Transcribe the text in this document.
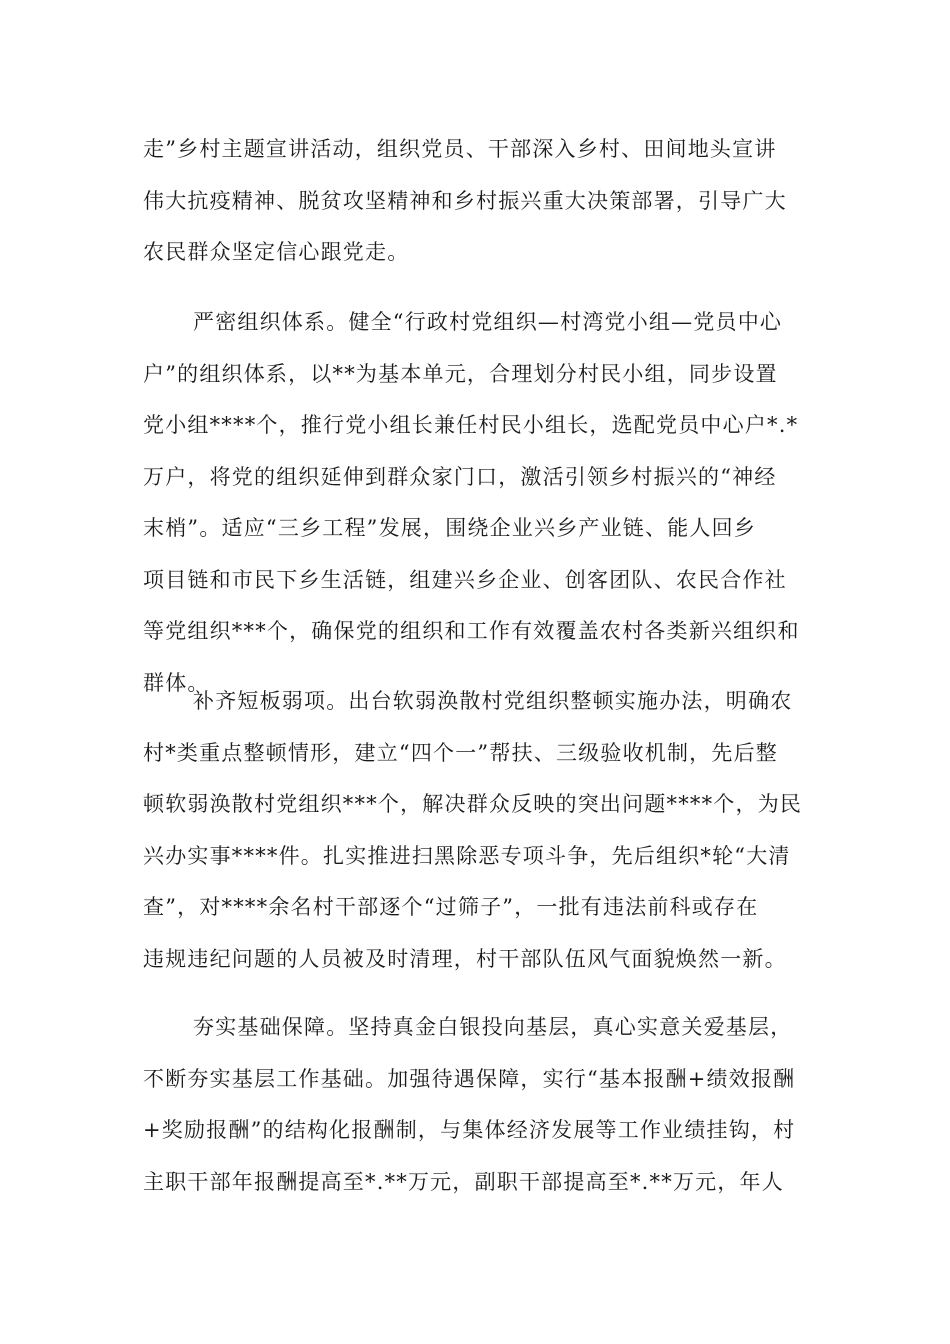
走”乡村主题宣讲活动，组织党员、干部深入乡村、田间地头宣讲
伟大抗疫精神、脱贫攻坚精神和乡村振兴重大决策部署，引导广大
农民群众坚定信心跟党走。
严密组织体系。健全“行政村党组织—村湾党小组—党员中心
户”的组织体系，以**为基本单元，合理划分村民小组，同步设置
党小组****个，推行党小组长兼任村民小组长，选配党员中心户*.*
万户，将党的组织延伸到群众家门口，激活引领乡村振兴的“神经
末梢”。适应“三乡工程”发展，围绕企业兴乡产业链、能人回乡
项目链和市民下乡生活链，组建兴乡企业、创客团队、农民合作社
等党组织***个，确保党的组织和工作有效覆盖农村各类新兴组织和
群体。
补齐短板弱项。出台软弱涣散村党组织整顿实施办法，明确农
村*类重点整顿情形，建立“四个一”帮扶、三级验收机制，先后整
顿软弱涣散村党组织***个，解决群众反映的突出问题****个，为民
兴办实事****件。扎实推进扫黑除恶专项斗争，先后组织*轮“大清
查”，对****余名村干部逐个“过筛子”，一批有违法前科或存在
违规违纪问题的人员被及时清理，村干部队伍风气面貌焕然一新。
夯实基础保障。坚持真金白银投向基层，真心实意关爱基层，
不断夯实基层工作基础。加强待遇保障，实行“基本报酬+绩效报酬
+奖励报酬”的结构化报酬制，与集体经济发展等工作业绩挂钩，村
主职干部年报酬提高至*.**万元，副职干部提高至*.**万元，年人
